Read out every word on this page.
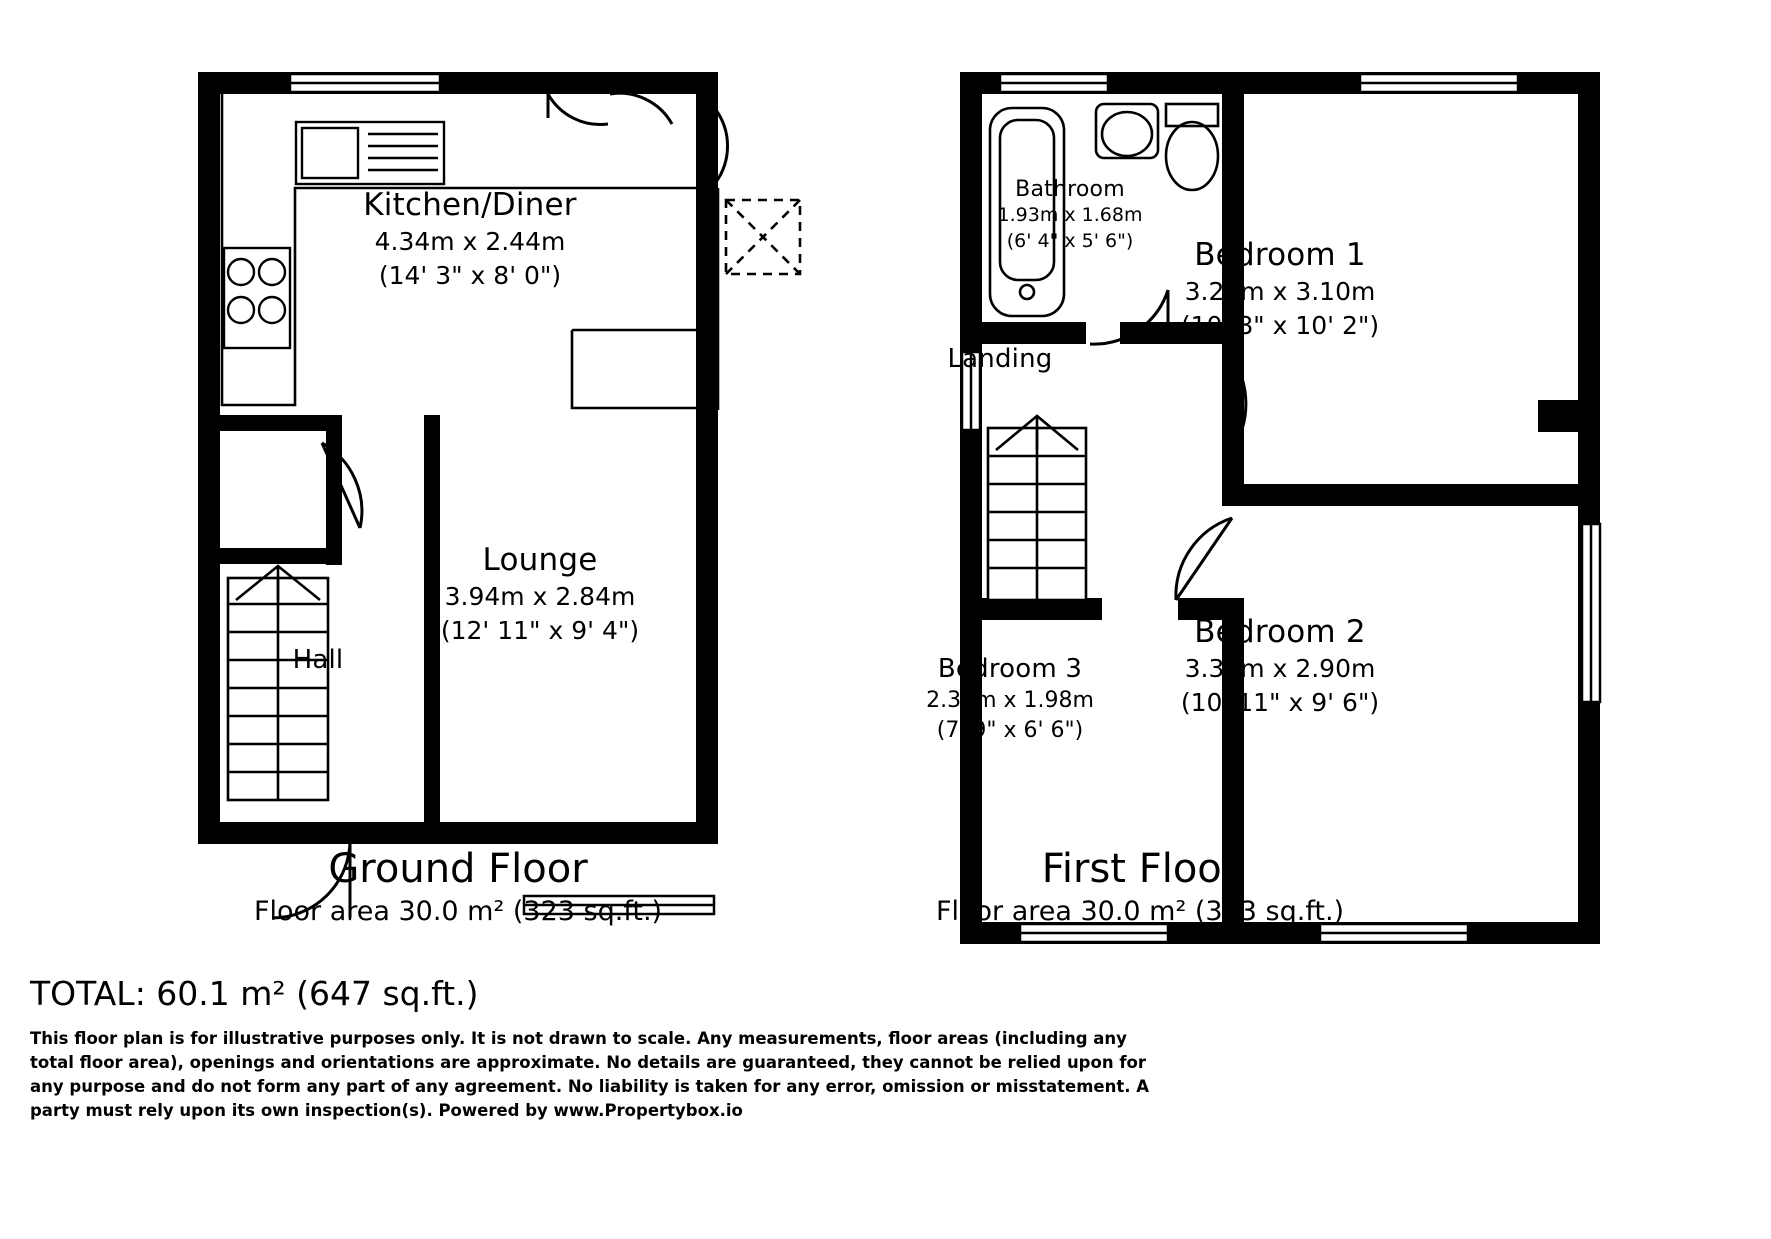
Kitchen/Diner
4.34m x 2.44m
(14' 3" x 8' 0")
Lounge
3.94m x 2.84m
(12' 11" x 9' 4")
Hall
Ground Floor
Floor area 30.0 m² (323 sq.ft.)
Bathroom
1.93m x 1.68m
(6' 4" x 5' 6")	Bedroom 1
3.25m x 3.10m
(10' 8" x 10' 2")
Landing
Bedroom 2
3.33m x 2.90m
(10' 11" x 9' 6")
Bedroom 3
2.36m x 1.98m
(7' 9" x 6' 6")
First Floor
Floor area 30.0 m² (323 sq.ft.)
TOTAL: 60.1 m² (647 sq.ft.)
This floor plan is for illustrative purposes only. It is not drawn to scale. Any measurements, floor areas (including any total floor area), openings and orientations are approximate. No details are guaranteed, they cannot be relied upon for any purpose and do not form any part of any agreement. No liability is taken for any error, omission or misstatement. A party must rely upon its own inspection(s). Powered by www.Propertybox.io
